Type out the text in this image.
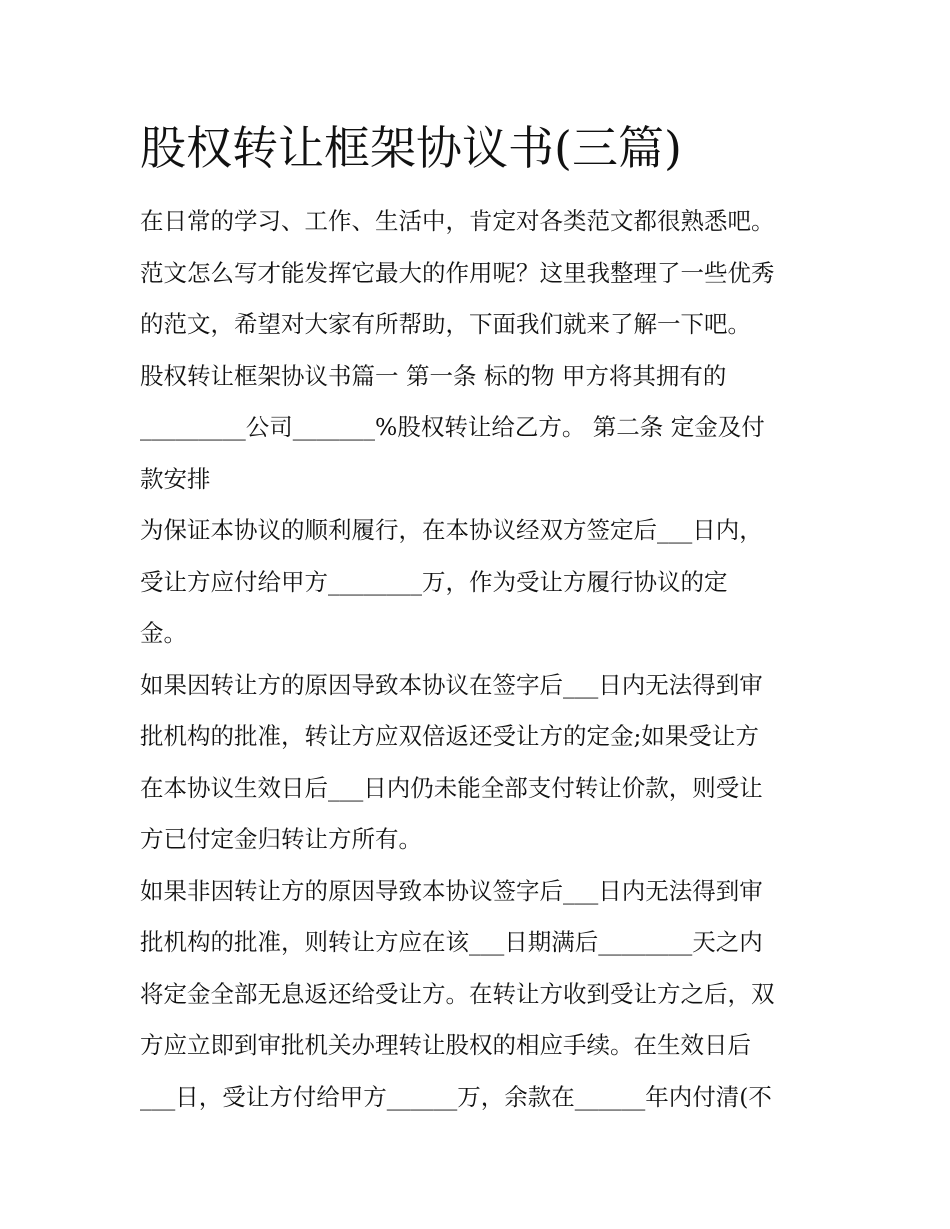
股权转让框架协议书(三篇)
在日常的学习、工作、生活中，肯定对各类范文都很熟悉吧。
范文怎么写才能发挥它最大的作用呢？这里我整理了一些优秀
的范文，希望对大家有所帮助，下面我们就来了解一下吧。
股权转让框架协议书篇一 第一条 标的物 甲方将其拥有的
_________公司_______%股权转让给乙方。 第二条 定金及付
款安排
为保证本协议的顺利履行，在本协议经双方签定后___日内，
受让方应付给甲方________万，作为受让方履行协议的定
金。
如果因转让方的原因导致本协议在签字后___日内无法得到审
批机构的批准，转让方应双倍返还受让方的定金;如果受让方
在本协议生效日后___日内仍未能全部支付转让价款，则受让
方已付定金归转让方所有。
如果非因转让方的原因导致本协议签字后___日内无法得到审
批机构的批准，则转让方应在该___日期满后________天之内
将定金全部无息返还给受让方。在转让方收到受让方之后，双
方应立即到审批机关办理转让股权的相应手续。在生效日后
___日，受让方付给甲方______万，余款在______年内付清(不
